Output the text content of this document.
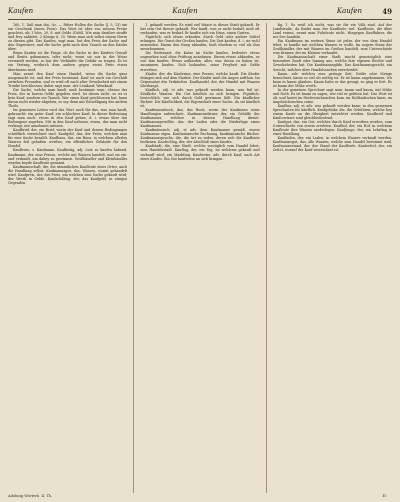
Kaufen	Kaufen	Kaufen	49

160, 1. Daß man ihn, &c. — Ritter Hollen die Sache (J. 5, 13) um ein Geschenk (einen Preis). Das Wort ist aber von seinem Preise geachtet, als 1 Mos. 20, 8. mit Gelde (Geld). Wie man darüber straffe und frey anbietet. 2 Könige 6, 25. Wenn man sich selbst einem Herrn zu dienen gibt. Das Kaufen, sagt man, hat den Preis der Sache und den Gegenwert, und die Sache geht nach dem Tausch an den Käufer über.

Beym Kaufen ist die Frage, ob die Sache in des Käufers Gewalt und Besitz gekommen, oder nicht; wenn sie nur in der Weise verwandt werden, so hat der Verkäufer die Gefahr zu tragen. Es ist ein Vertrag, wodurch dem andern gegen einen Preis etwas überlassen wird.

Man nennt den Kauf einen Handel, wenn die Sache ganz ausgemacht ist, und der Preis bestimmt. Kauf ist auch ein Geschäft zwischen Freunden, und es wird oft nach alter Gewohnheit mit einem Trunke beschlossen; daher sagt man: der Leinkauf, Weinkauf.

Die Sache, welche man kauft, muß bestimmt seyn; ebenso der Preis, der in barem Gelde gegeben wird. Ist dieses nicht, so ist es kein Kauf, sondern ein Tausch. Wer einen Kauf geschlossen hat, kann davon nicht wieder abgehen, es sey denn mit Einwilligung des andern Theils.

Im gemeinen Leben wird das Wort auch für das, was man kauft, gebraucht: ein guter Kauf, ein schlechter Kauf. In dieser Bedeutung sagt man auch: etwas in den Kauf geben, d. i. etwas über das Bedungene zugeben. Mit in den Kauf nehmen, etwas, das man nicht verlangt, mit annehmen müssen.

Kaufbrief, der, ein Brief, worin der Kauf und dessen Bedingungen schriftlich verzeichnet sind. Kaufgeld, das, der Preis, welchen man für eine Sache bezahlt. Kaufhaus, das, ein Haus, in welchem allerley Waaren feil gehalten werden; ein öffentliches Gebäude für den Handel.

Kaufleute, s. Kaufmann. Kauflustig, adj. Lust zu kaufen habend. Kaufmann, der, eine Person, welche mit Waaren handelt, und sie ein- und verkauft, um dabey zu gewinnen. Großhändler und Kleinhändler werden beyde Kaufleute genannt.

Kaufmannschaft, die, die sämmtlichen Kaufleute eines Ortes; auch die Handlung selbst. Kaufmannsgut, das, Waaren, womit gehandelt wird. Kaufpreis, der, der Preis, um welchen eine Sache gekauft wird; der Werth in Gelde. Kaufschilling, der, das Kaufgeld, in einigen Gegenden.

1. gekauft werden. Es wird viel Waare in dieser Stadt gekauft. Er hat sein Gut theuer gekauft. Wer kauft, was er nicht bedarf, muß oft verkaufen, was er bedarf. Er kaufte sich ein Haus, einen Garten.

Figürlich: sich etwas erkaufen, durch Geld oder andere Mittel erlangen. Die Gunst der Großen kaufen. Die Zeit kaufen, d. i. sie wohl anwenden. Einem den Rang ablaufen, hieß ehedem so viel als ihm zuvorkommen.

Die Redensart: die Katze im Sacke kaufen, bedeutet etwas ungesehen und ohne Prüfung annehmen. Einem etwas abkaufen, es von ihm kaufen. Etwas aufkaufen, alles, was davon zu haben ist, zusammen kaufen. Sich loskaufen, seine Freyheit mit Gelde erwerben.

Käufer, der, die Käuferinn, eine Person, welche kauft. Die Käufer drängen sich auf dem Markte. Der Käufer muß die Augen aufthun. Im Gegensatze des Verkäufers. Kaufhandel, der, der Handel mit Waaren überhaupt.

Käuflich, adj. et adv. was gekauft werden kann, was feil ist. Käufliche Waaren. Ein Gut käuflich an sich bringen. Figürlich: bestechlich, wer sich durch Geld gewinnen läßt. Ein käuflicher Richter. Die Käuflichkeit, die Eigenschaft einer Sache, da sie käuflich ist.

Kaufmannsbuch, das, das Buch, worin der Kaufmann seine Handlungen aufzeichnet. Kaufmannsdiener, der, ein Gehülfe des Kaufmannes, welcher in dessen Handlung dienet. Kaufmannsgewölbe, das, der Laden oder die Niederlage eines Kaufmannes.

Kaufmännisch, adj. et adv. dem Kaufmanne gemäß, einem Kaufmanne eigen. Kaufmännische Rechnung, kaufmännische Bücher. Kaufmannssprache, die, die Art zu reden, deren sich die Kaufleute bedienen. Kaufschlag, der, der Abschluß eines Kaufes.

Kaufstadt, die, eine Stadt, welche vorzüglich vom Handel lebet; eine Handelsstadt. Kauftag, der, ein Tag, an welchem gekauft und verkauft wird; ein Markttag. Kaufweise, adv. durch Kauf, nach Art eines Kaufes. Ein Gut kaufweise an sich bringen.

fig. 1. So weiß ich nicht, was sie für ein Volk sind. Auf der Landstraße, da findet man der Kaufleute viel. Kaufleute, die über Land reisen, nennt man Fuhrleute nicht. Hingegen Kauffahrer, die zur See handeln.

Ein Kaufmann im weitern Sinne ist jeder, der von dem Handel lebet, er handle mit welchen Waaren er wolle. Im engern Sinne der Großhändler, der mit Waaren im Großen handelt, zum Unterschiede vom Krämer, der im Kleinen verkaufet.

Die Kaufmannschaft einer Stadt macht gemeiniglich eine besondere Zunft oder Innung aus, welche ihre eigenen Rechte und Gewohnheiten hat. Die Kaufmannsgilde. Das Kaufmannsgericht, ein Gericht, welches über Handelssachen entscheidet.

Kaum, adv. welches eine geringe Zeit, Größe oder Menge bezeichnet, kaum so viel als nöthig ist. Er ist kaum angekommen. Ich kann es kaum glauben. Kaum hatte er das gesagt, so ging er fort. Es ist kaum der Mühe werth.

In der gemeinen Sprechart sagt man: kaum und kaum, mit Mühe und Noth. Es ist kaum zu sagen, wie viel er gelitten hat. Das Wort ist alt, und lautet im Niedersächsischen kum, im Holländischen kuim, im Angelsächsischen cume.

Kaufbar, adj. et adv. was gekauft werden kann; in den gemeinen Sprecharten für käuflich. Kaufgebühr, die, die Gebühren, welche bey einem Kaufe an die Obrigkeit entrichtet werden. Kaufbrief und Kaufcontract sind gleichbedeutend.

Kaufgut, das, ein Gut, welches durch Kauf erworben worden, zum Unterschiede von einem ererbten. Kaufhof, der, ein Hof, in welchem Kaufleute ihre Waaren niederlegen. Kaufjunge, der, ein Lehrling in einer Handlung.

Kaufladen, der, ein Laden, in welchem Waaren verkauft werden. Kaufmannsgut, das, alle Waaren, welche zum Handel bestimmt sind. Kaufmannsstand, der, der Stand der Kaufleute. Kaufzettel, der, ein Zettel, worauf der Kauf verzeichnet ist.

Adelung Wörterb. II. Th.	D
